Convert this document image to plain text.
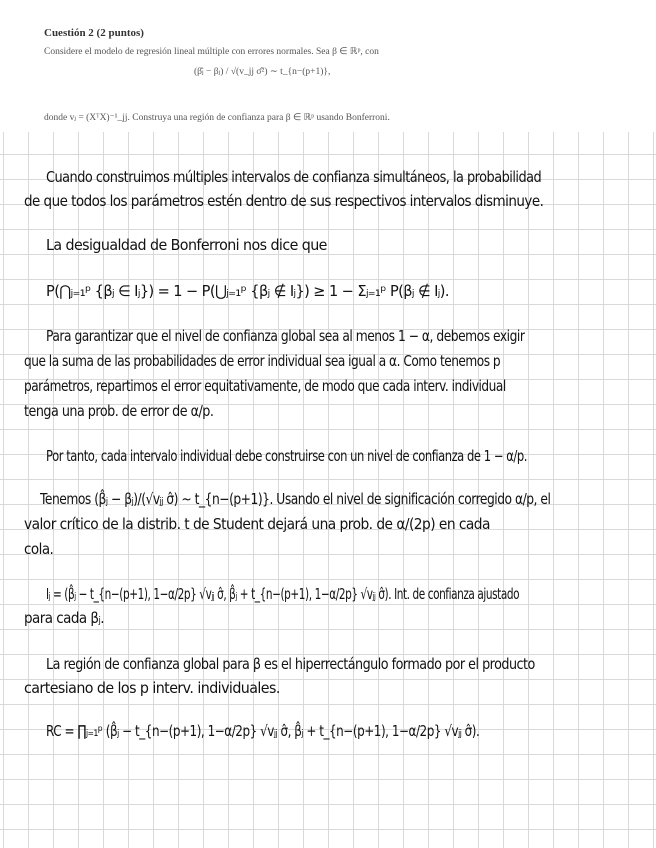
Cuestión 2 (2 puntos)
Considere el modelo de regresión lineal múltiple con errores normales. Sea β ∈ ℝᵖ, con
(β̂ⱼ − βⱼ) / √(v_jj σ̂²) ∼ t_{n−(p+1)},
donde vⱼ = (XᵀX)⁻¹_jj. Construya una región de confianza para β ∈ ℝᵖ usando Bonferroni.
Cuando construimos múltiples intervalos de confianza simultáneos, la probabilidad
de que todos los parámetros estén dentro de sus respectivos intervalos disminuye.
La desigualdad de Bonferroni nos dice que
P(⋂ⱼ₌₁ᵖ {βⱼ ∈ Iⱼ}) = 1 − P(⋃ⱼ₌₁ᵖ {βⱼ ∉ Iⱼ}) ≥ 1 − Σⱼ₌₁ᵖ P(βⱼ ∉ Iⱼ).
Para garantizar que el nivel de confianza global sea al menos 1 − α, debemos exigir
que la suma de las probabilidades de error individual sea igual a α. Como tenemos p
parámetros, repartimos el error equitativamente, de modo que cada interv. individual
tenga una prob. de error de α/p.
Por tanto, cada intervalo individual debe construirse con un nivel de confianza de 1 − α/p.
Tenemos (β̂ⱼ − βⱼ)/(√vⱼⱼ σ̂) ∼ t_{n−(p+1)}. Usando el nivel de significación corregido α/p, el
valor crítico de la distrib. t de Student dejará una prob. de α/(2p) en cada
cola.
Iⱼ = (β̂ⱼ − t_{n−(p+1), 1−α/2p} √vⱼⱼ σ̂, β̂ⱼ + t_{n−(p+1), 1−α/2p} √vⱼⱼ σ̂). Int. de confianza ajustado
para cada βⱼ.
La región de confianza global para β es el hiperrectángulo formado por el producto
cartesiano de los p interv. individuales.
RC = ∏ⱼ₌₁ᵖ (β̂ⱼ − t_{n−(p+1), 1−α/2p} √vⱼⱼ σ̂, β̂ⱼ + t_{n−(p+1), 1−α/2p} √vⱼⱼ σ̂).
